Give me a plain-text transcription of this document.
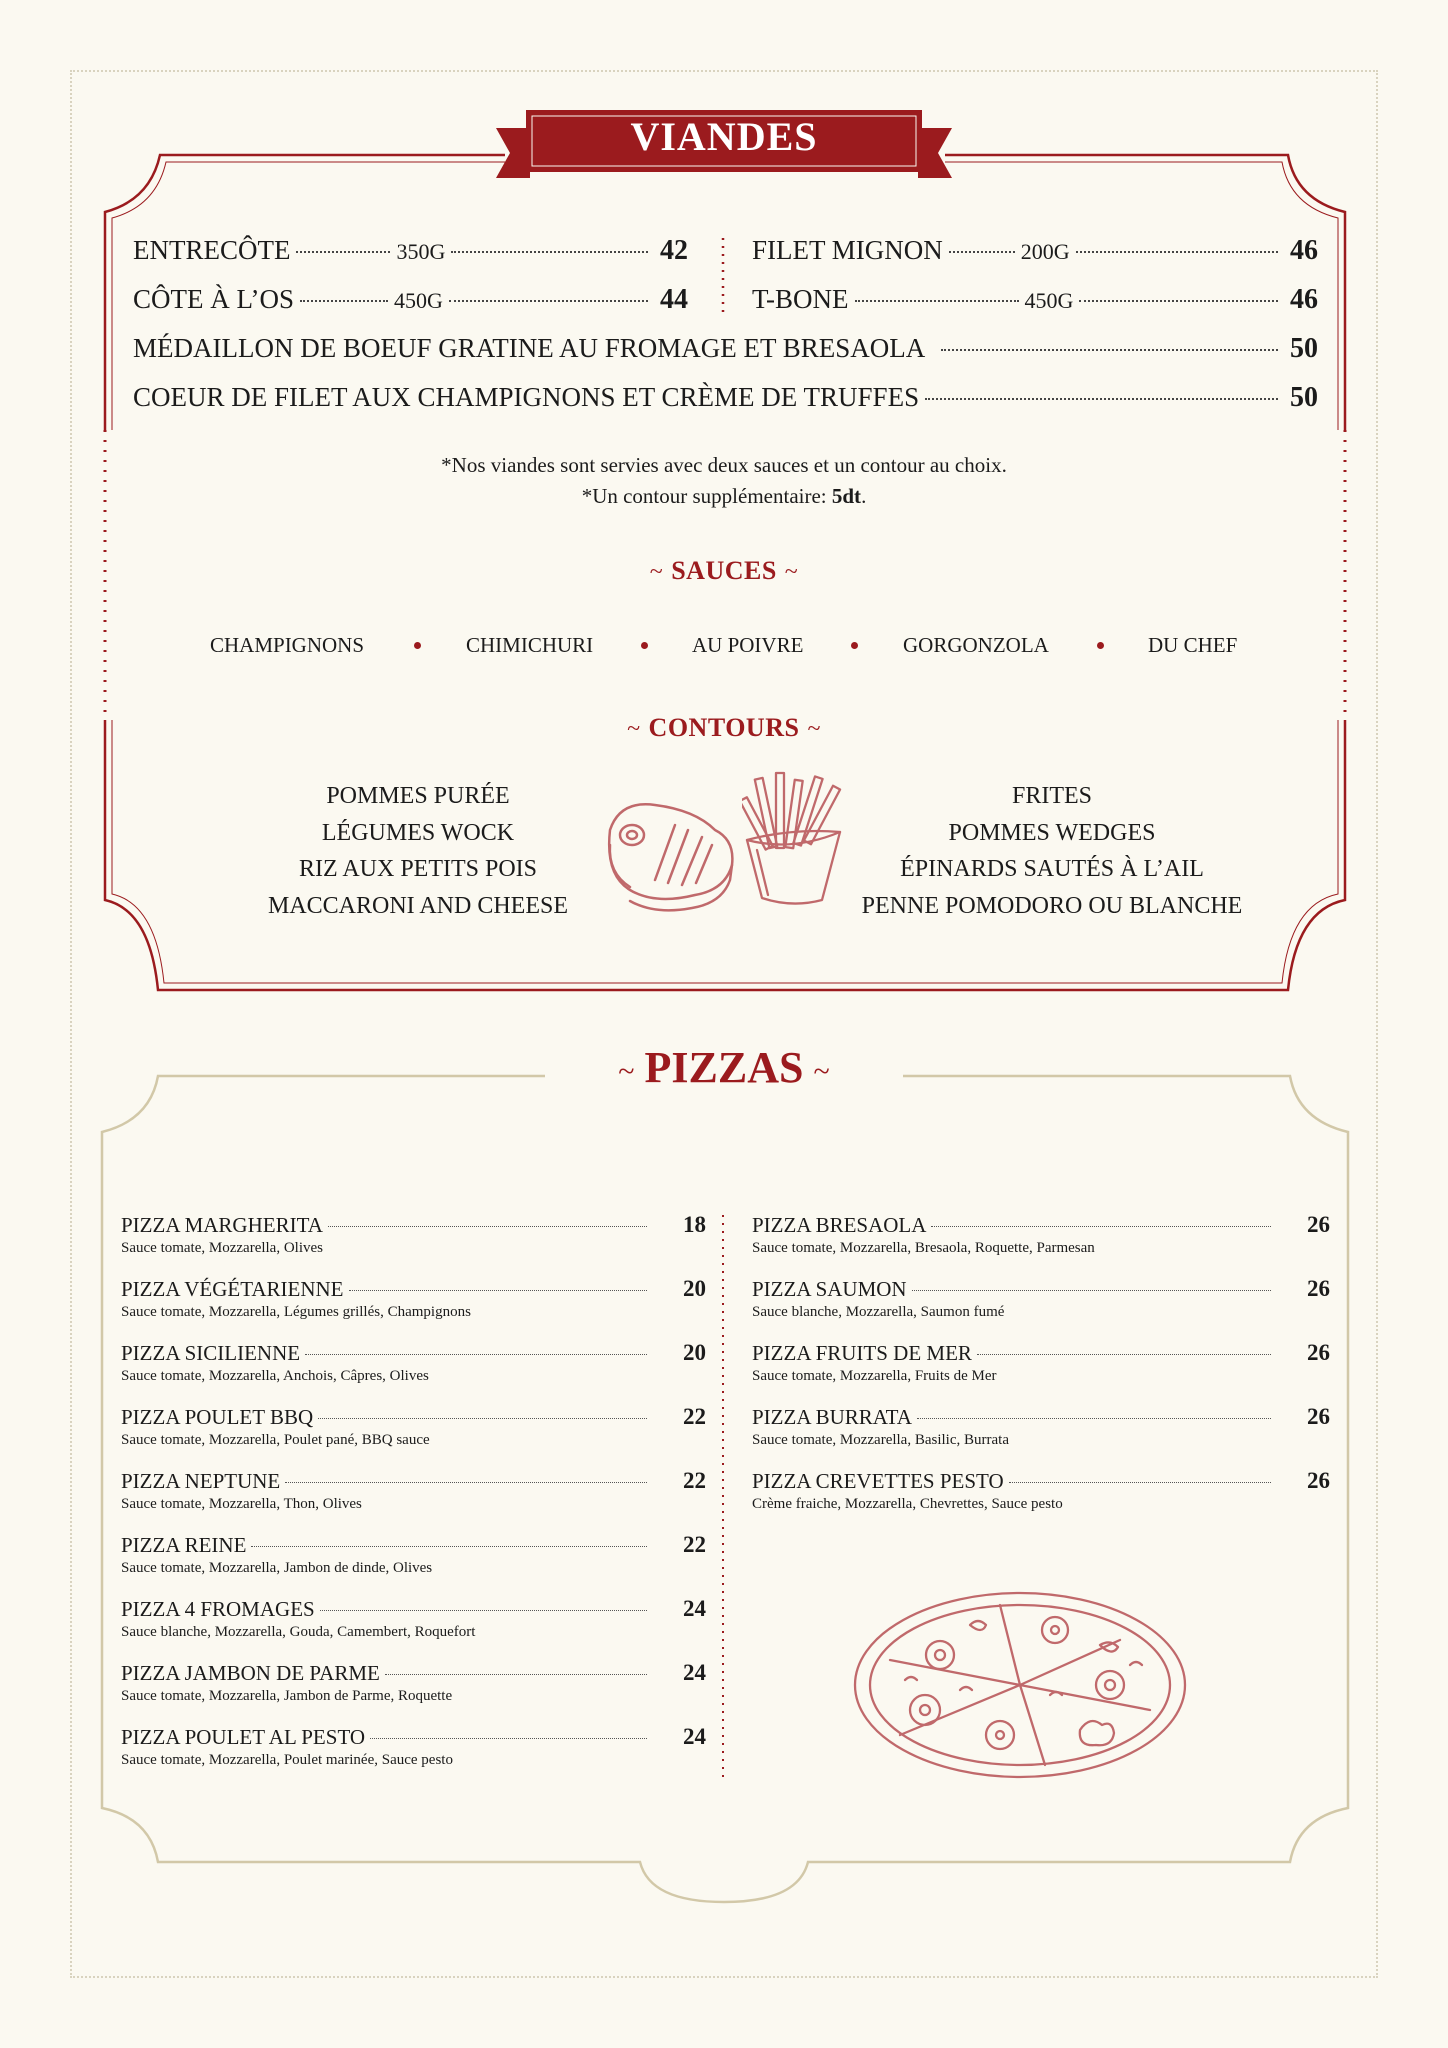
VIANDES
ENTRECÔTE	350G	42
CÔTE À L’OS	450G	44
FILET MIGNON	200G	46
T-BONE	450G	46
MÉDAILLON DE BOEUF GRATINE AU FROMAGE ET BRESAOLA	50
COEUR DE FILET AUX CHAMPIGNONS ET CRÈME DE TRUFFES	50
*Nos viandes sont servies avec deux sauces et un contour au choix.
*Un contour supplémentaire: 5dt.
~ SAUCES ~
CHAMPIGNONS	CHIMICHURI	AU POIVRE	GORGONZOLA	DU CHEF
~ CONTOURS ~
POMMES PURÉE
LÉGUMES WOCK
RIZ AUX PETITS POIS
MACCARONI AND CHEESE
FRITES
POMMES WEDGES
ÉPINARDS SAUTÉS À L’AIL
PENNE POMODORO OU BLANCHE
~ PIZZAS ~
PIZZA MARGHERITA	18
Sauce tomate, Mozzarella, Olives
PIZZA VÉGÉTARIENNE	20
Sauce tomate, Mozzarella, Légumes grillés, Champignons
PIZZA SICILIENNE	20
Sauce tomate, Mozzarella, Anchois, Câpres, Olives
PIZZA POULET BBQ	22
Sauce tomate, Mozzarella, Poulet pané, BBQ sauce
PIZZA NEPTUNE	22
Sauce tomate, Mozzarella, Thon, Olives
PIZZA REINE	22
Sauce tomate, Mozzarella, Jambon de dinde, Olives
PIZZA 4 FROMAGES	24
Sauce blanche, Mozzarella, Gouda, Camembert, Roquefort
PIZZA JAMBON DE PARME	24
Sauce tomate, Mozzarella, Jambon de Parme, Roquette
PIZZA POULET AL PESTO	24
Sauce tomate, Mozzarella, Poulet marinée, Sauce pesto
PIZZA BRESAOLA	26
Sauce tomate, Mozzarella, Bresaola, Roquette, Parmesan
PIZZA SAUMON	26
Sauce blanche, Mozzarella, Saumon fumé
PIZZA FRUITS DE MER	26
Sauce tomate, Mozzarella, Fruits de Mer
PIZZA BURRATA	26
Sauce tomate, Mozzarella, Basilic, Burrata
PIZZA CREVETTES PESTO	26
Crème fraiche, Mozzarella, Chevrettes, Sauce pesto
